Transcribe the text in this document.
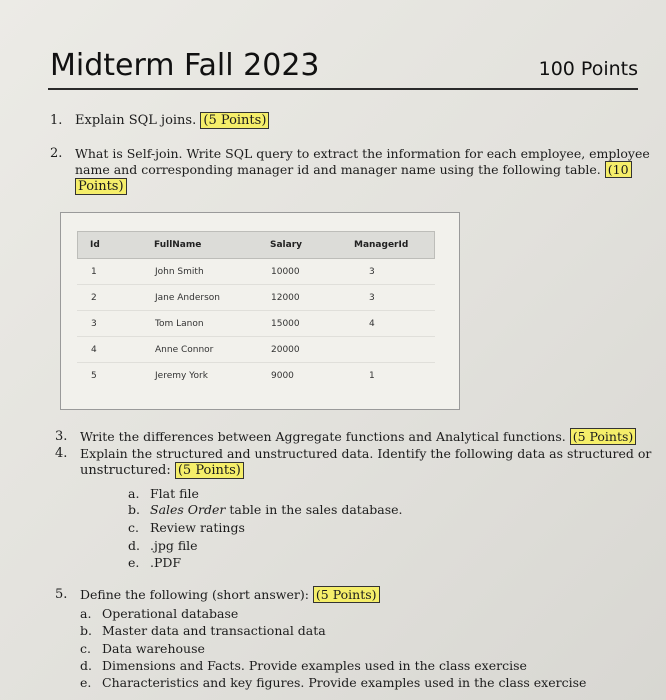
Midterm Fall 2023	100 Points
1. Explain SQL joins. (5 Points)
2. What is Self-join. Write SQL query to extract the information for each employee, employee
name and corresponding manager id and manager name using the following table. (10
Points)
Id	FullName	Salary	ManagerId
1	John Smith	10000	3
2	Jane Anderson	12000	3
3	Tom Lanon	15000	4
4	Anne Connor	20000
5	Jeremy York	9000	1
3. Write the differences between Aggregate functions and Analytical functions. (5 Points)
4. Explain the structured and unstructured data. Identify the following data as structured or
unstructured: (5 Points)
a. Flat file
b. Sales Order table in the sales database.
c. Review ratings
d. .jpg file
e. .PDF
5. Define the following (short answer): (5 Points)
a. Operational database
b. Master data and transactional data
c. Data warehouse
d. Dimensions and Facts. Provide examples used in the class exercise
e. Characteristics and key figures. Provide examples used in the class exercise
